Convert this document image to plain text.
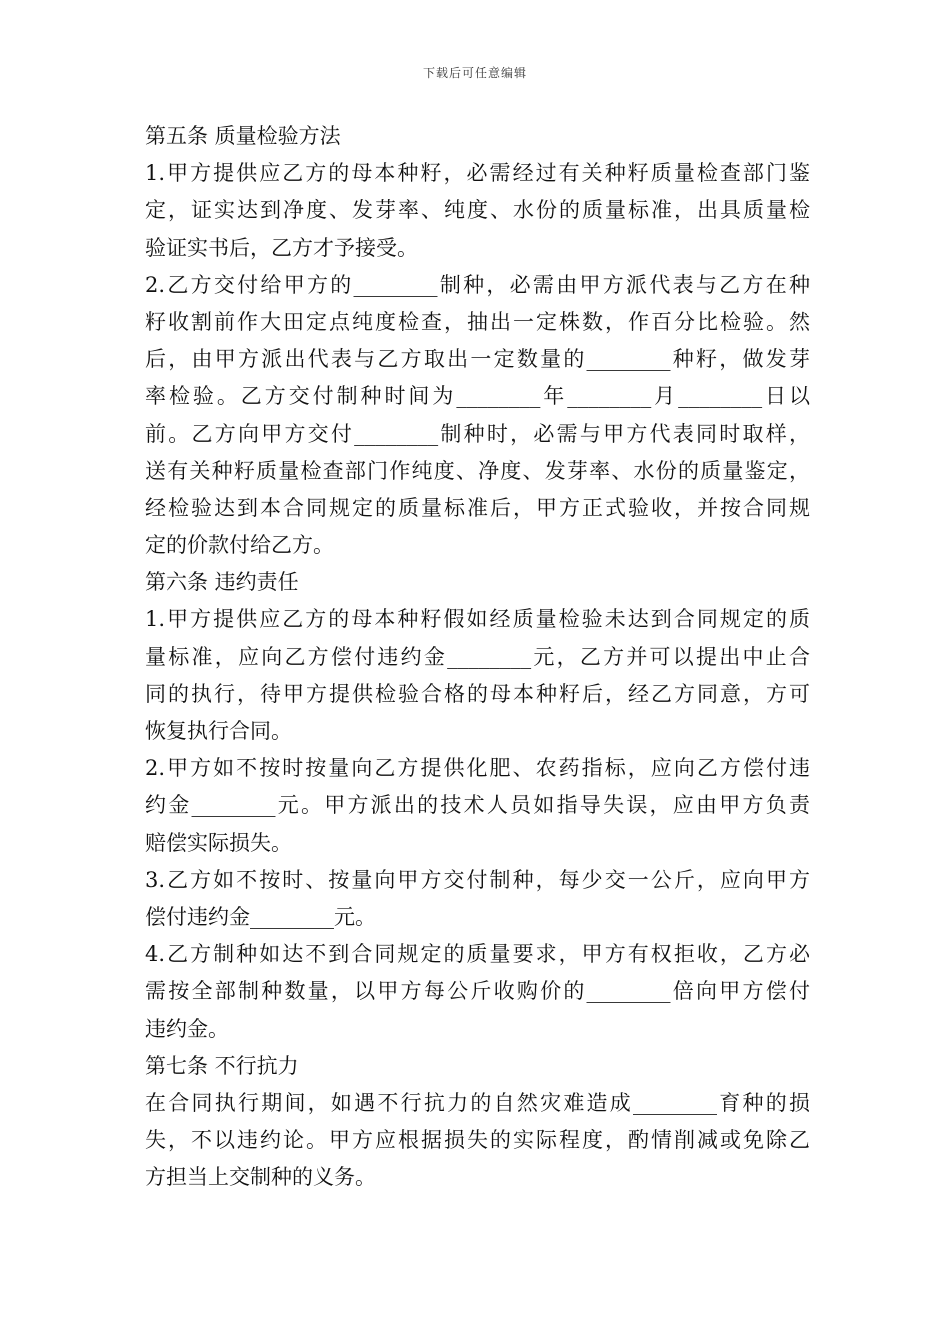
下载后可任意编辑
第五条 质量检验方法
1.甲方提供应乙方的母本种籽，必需经过有关种籽质量检查部门鉴
定，证实达到净度、发芽率、纯度、水份的质量标准，出具质量检
验证实书后，乙方才予接受。
2.乙方交付给甲方的________制种，必需由甲方派代表与乙方在种
籽收割前作大田定点纯度检查，抽出一定株数，作百分比检验。然
后，由甲方派出代表与乙方取出一定数量的________种籽，做发芽
率检验。乙方交付制种时间为________年________月________日以
前。乙方向甲方交付________制种时，必需与甲方代表同时取样，
送有关种籽质量检查部门作纯度、净度、发芽率、水份的质量鉴定，
经检验达到本合同规定的质量标准后，甲方正式验收，并按合同规
定的价款付给乙方。
第六条 违约责任
1.甲方提供应乙方的母本种籽假如经质量检验未达到合同规定的质
量标准，应向乙方偿付违约金________元，乙方并可以提出中止合
同的执行，待甲方提供检验合格的母本种籽后，经乙方同意，方可
恢复执行合同。
2.甲方如不按时按量向乙方提供化肥、农药指标，应向乙方偿付违
约金________元。甲方派出的技术人员如指导失误，应由甲方负责
赔偿实际损失。
3.乙方如不按时、按量向甲方交付制种，每少交一公斤，应向甲方
偿付违约金________元。
4.乙方制种如达不到合同规定的质量要求，甲方有权拒收，乙方必
需按全部制种数量，以甲方每公斤收购价的________倍向甲方偿付
违约金。
第七条 不行抗力
在合同执行期间，如遇不行抗力的自然灾难造成________育种的损
失，不以违约论。甲方应根据损失的实际程度，酌情削减或免除乙
方担当上交制种的义务。
